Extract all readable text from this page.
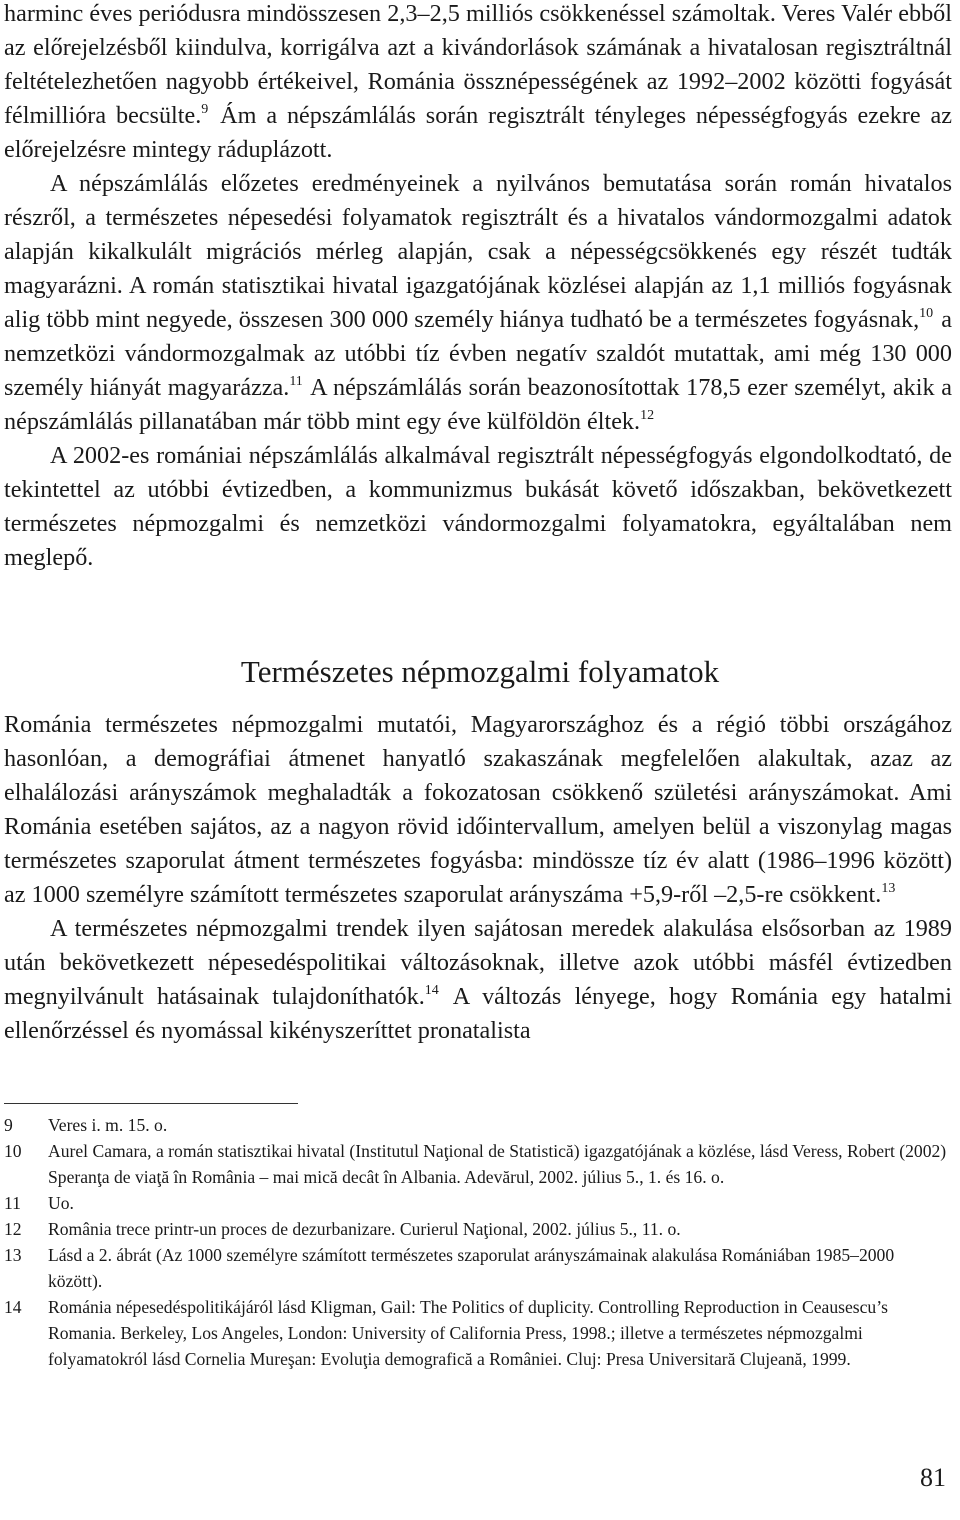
harminc éves periódusra mindösszesen 2,3–2,5 milliós csökkenéssel számoltak. Veres Valér ebből az előrejelzésből kiindulva, korrigálva azt a kivándorlások számának a hivatalosan regisztráltnál feltételezhetően nagyobb értékeivel, Románia össznépességének az 1992–2002 közötti fogyását félmillióra becsülte.$^9$ Ám a népszámlálás során regisztrált tényleges népességfogyás ezekre az előrejelzésre mintegy ráduplázott.

A népszámlálás előzetes eredményeinek a nyilvános bemutatása során román hivatalos részről, a természetes népesedési folyamatok regisztrált és a hivatalos vándormozgalmi adatok alapján kikalkulált migrációs mérleg alapján, csak a népességcsökkenés egy részét tudták magyarázni. A román statisztikai hivatal igazgatójának közlései alapján az 1,1 milliós fogyásnak alig több mint negyede, összesen 300 000 személy hiánya tudható be a természetes fogyásnak,$^{10}$ a nemzetközi vándormozgalmak az utóbbi tíz évben negatív szaldót mutattak, ami még 130 000 személy hiányát magyarázza.$^{11}$ A népszámlálás során beazonosítottak 178,5 ezer személyt, akik a népszámlálás pillanatában már több mint egy éve külföldön éltek.$^{12}$

A 2002-es romániai népszámlálás alkalmával regisztrált népességfogyás elgondolkodtató, de tekintettel az utóbbi évtizedben, a kommunizmus bukását követő időszakban, bekövetkezett természetes népmozgalmi és nemzetközi vándormozgalmi folyamatokra, egyáltalában nem meglepő.

Természetes népmozgalmi folyamatok

Románia természetes népmozgalmi mutatói, Magyarországhoz és a régió többi országához hasonlóan, a demográfiai átmenet hanyatló szakaszának megfelelően alakultak, azaz az elhalálozási arányszámok meghaladták a fokozatosan csökkenő születési arányszámokat. Ami Románia esetében sajátos, az a nagyon rövid időintervallum, amelyen belül a viszonylag magas természetes szaporulat átment természetes fogyásba: mindössze tíz év alatt (1986–1996 között) az 1000 személyre számított természetes szaporulat arányszáma +5,9-ről –2,5-re csökkent.$^{13}$

A természetes népmozgalmi trendek ilyen sajátosan meredek alakulása elsősorban az 1989 után bekövetkezett népesedéspolitikai változásoknak, illetve azok utóbbi másfél évtizedben megnyilvánult hatásainak tulajdoníthatók.$^{14}$ A változás lényege, hogy Románia egy hatalmi ellenőrzéssel és nyomással kikényszeríttet pronatalista

9	Veres i. m. 15. o.
10	Aurel Camara, a román statisztikai hivatal (Institutul Naţional de Statistică) igazgatójának a közlése, lásd Veress, Robert (2002) Speranţa de viaţă în România – mai mică decât în Albania. Adevărul, 2002. július 5., 1. és 16. o.
11	Uo.
12	România trece printr-un proces de dezurbanizare. Curierul Naţional, 2002. július 5., 11. o.
13	Lásd a 2. ábrát (Az 1000 személyre számított természetes szaporulat arányszámainak alakulása Romániában 1985–2000 között).
14	Románia népesedéspolitikájáról lásd Kligman, Gail: The Politics of duplicity. Controlling Reproduction in Ceausescu’s Romania. Berkeley, Los Angeles, London: University of California Press, 1998.; illetve a természetes népmozgalmi folyamatokról lásd Cornelia Mureşan: Evoluţia demografică a României. Cluj: Presa Universitară Clujeană, 1999.
81
